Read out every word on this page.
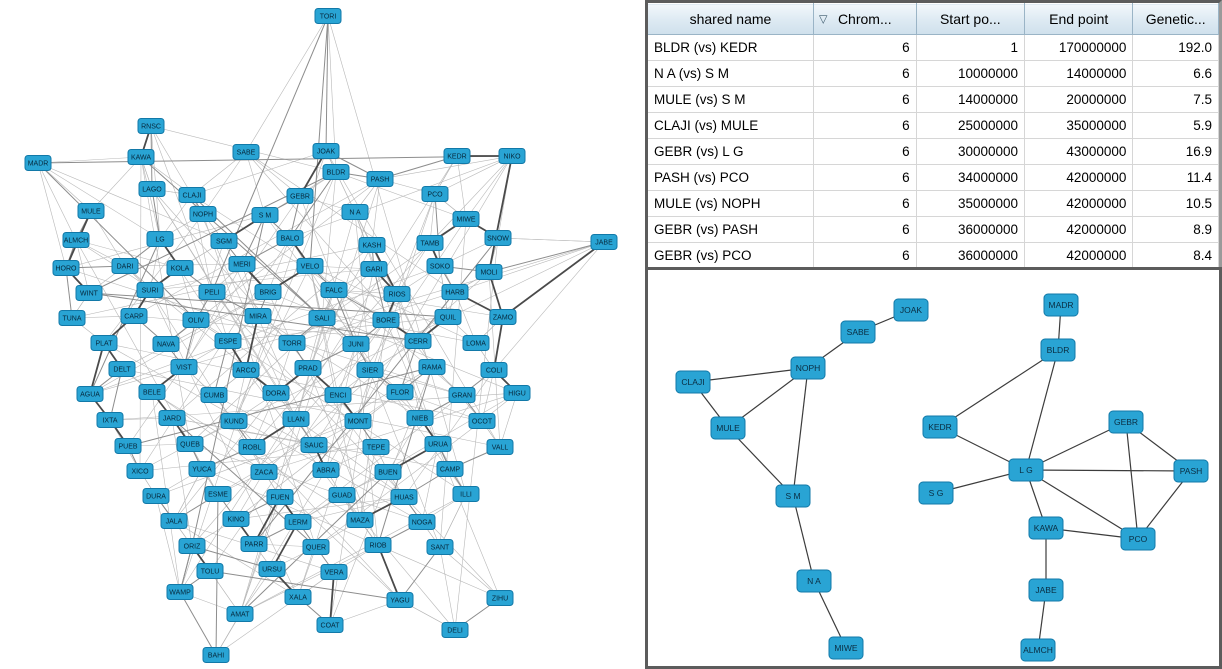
TORI
RNSC
MADR
KAWA
SABE	JOAK
BLDR
KEDR	NIKO
LAGO
CLAJI	GEBR
PASH
PCO
MULE	NOPH	S M	N A
MIWE
JABE
ALMCH	LG	SGM	BALO
KASH	TAMB
SNOW
HORO	DARI	KOLA
MERI	VELO	GARI	SOKO
MOLI
WINT	SURI	PELI	BRIG	FALC
RIOS	HARB
TUNA	CARP
OLIV
MIRA	SALI	BORE	QUIL	ZAMO
PLAT	NAVA	ESPE	TORR	JUNI	CERR	LOMA
DELT	VIST	ARCO	PRAD	SIER	RAMA	COLI
AGUA	BELE	CUMB	DORA	ENCI	FLOR	GRAN	HIGU
IXTA	JARD	KUND	LLAN	MONT	NIEB	OCOT
PUEB	QUEB	ROBL	SAUC	TEPE	URUA	VALL
XICO	YUCA	ZACA	ABRA	BUEN	CAMP
DURA	ESME	FUEN	GUAD	HUAS	ILLI
JALA	KINO	LERM	MAZA	NOGA
ORIZ	PARR	QUER	RIOB	SANT
TOLU	URSU	VERA
WAMP
XALA	YAGU	ZIHU
AMAT
BAHI
COAT
DELI
shared name	▽ Chrom...	Start po...	End point	Genetic...
BLDR (vs) KEDR	6	1	170000000	192.0
N A (vs) S M	6	10000000	14000000	6.6
MULE (vs) S M	6	14000000	20000000	7.5
CLAJI (vs) MULE	6	25000000	35000000	5.9
GEBR (vs) L G	6	30000000	43000000	16.9
PASH (vs) PCO	6	34000000	42000000	11.4
MULE (vs) NOPH	6	35000000	42000000	10.5
GEBR (vs) PASH	6	36000000	42000000	8.9
GEBR (vs) PCO	6	36000000	42000000	8.4

JOAK	MADR
SABE
BLDR
NOPH
CLAJI
GEBR
KEDR
MULE
L G	PASH
S G
S M
KAWA
PCO
N A
JABE
MIWE	ALMCH
